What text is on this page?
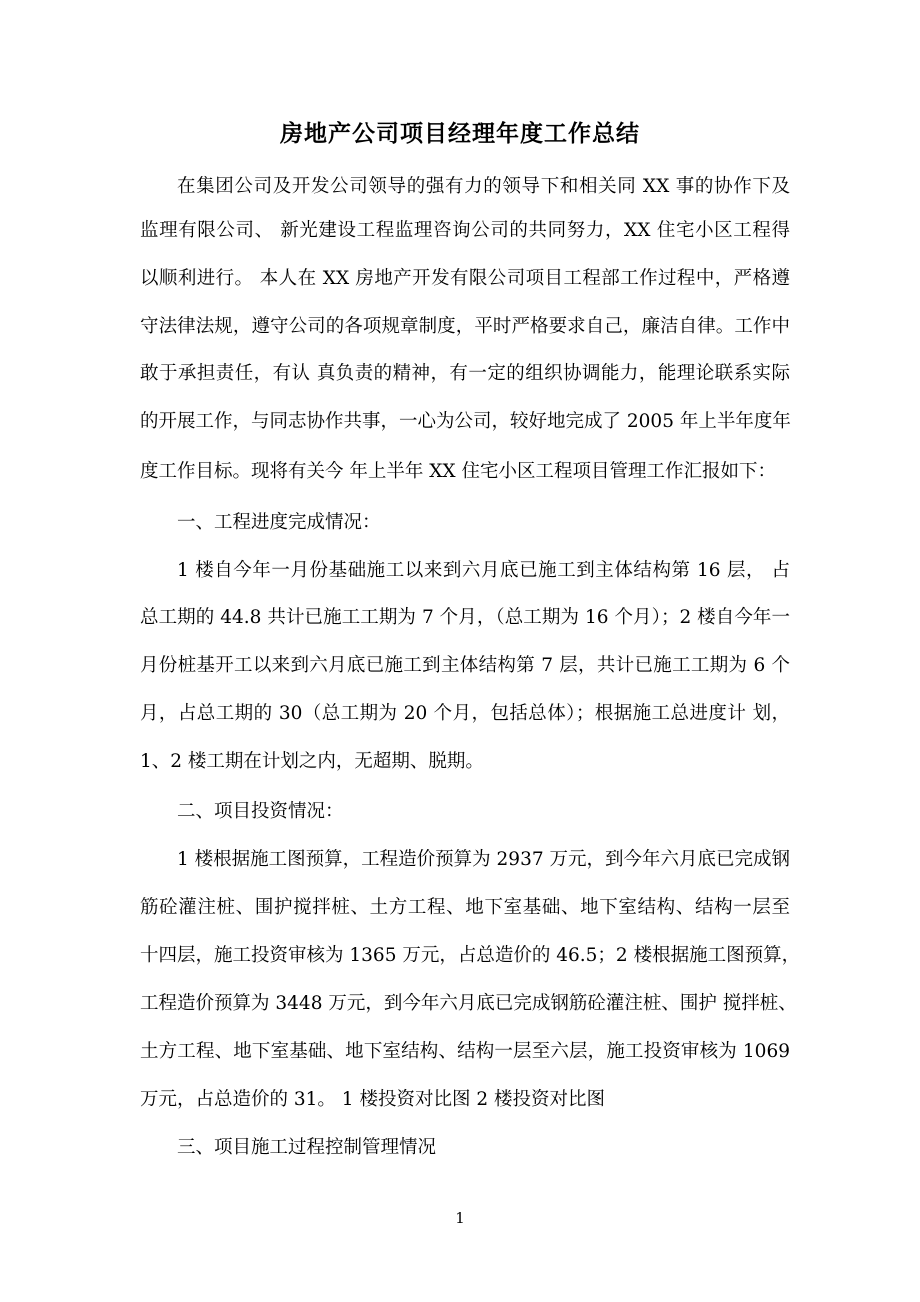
房地产公司项目经理年度工作总结

在集团公司及开发公司领导的强有力的领导下和相关同 XX 事的协作下及

监理有限公司、 新光建设工程监理咨询公司的共同努力，XX 住宅小区工程得

以顺利进行。 本人在 XX 房地产开发有限公司项目工程部工作过程中，严格遵

守法律法规，遵守公司的各项规章制度，平时严格要求自己，廉洁自律。工作中

敢于承担责任，有认 真负责的精神，有一定的组织协调能力，能理论联系实际

的开展工作，与同志协作共事，一心为公司，较好地完成了 2005 年上半年度年

度工作目标。现将有关今 年上半年 XX 住宅小区工程项目管理工作汇报如下：

一、工程进度完成情况：

1 楼自今年一月份基础施工以来到六月底已施工到主体结构第 16 层， 占

总工期的 44.8 共计已施工工期为 7 个月，（总工期为 16 个月）；2 楼自今年一

月份桩基开工以来到六月底已施工到主体结构第 7 层，共计已施工工期为 6 个

月，占总工期的 30（总工期为 20 个月，包括总体）；根据施工总进度计 划，

1、2 楼工期在计划之内，无超期、脱期。

二、项目投资情况：

1 楼根据施工图预算，工程造价预算为 2937 万元，到今年六月底已完成钢

筋砼灌注桩、围护搅拌桩、土方工程、地下室基础、地下室结构、结构一层至

十四层，施工投资审核为 1365 万元，占总造价的 46.5；2 楼根据施工图预算，

工程造价预算为 3448 万元，到今年六月底已完成钢筋砼灌注桩、围护 搅拌桩、

土方工程、地下室基础、地下室结构、结构一层至六层，施工投资审核为 1069

万元，占总造价的 31。 1 楼投资对比图 2 楼投资对比图

三、项目施工过程控制管理情况

1
